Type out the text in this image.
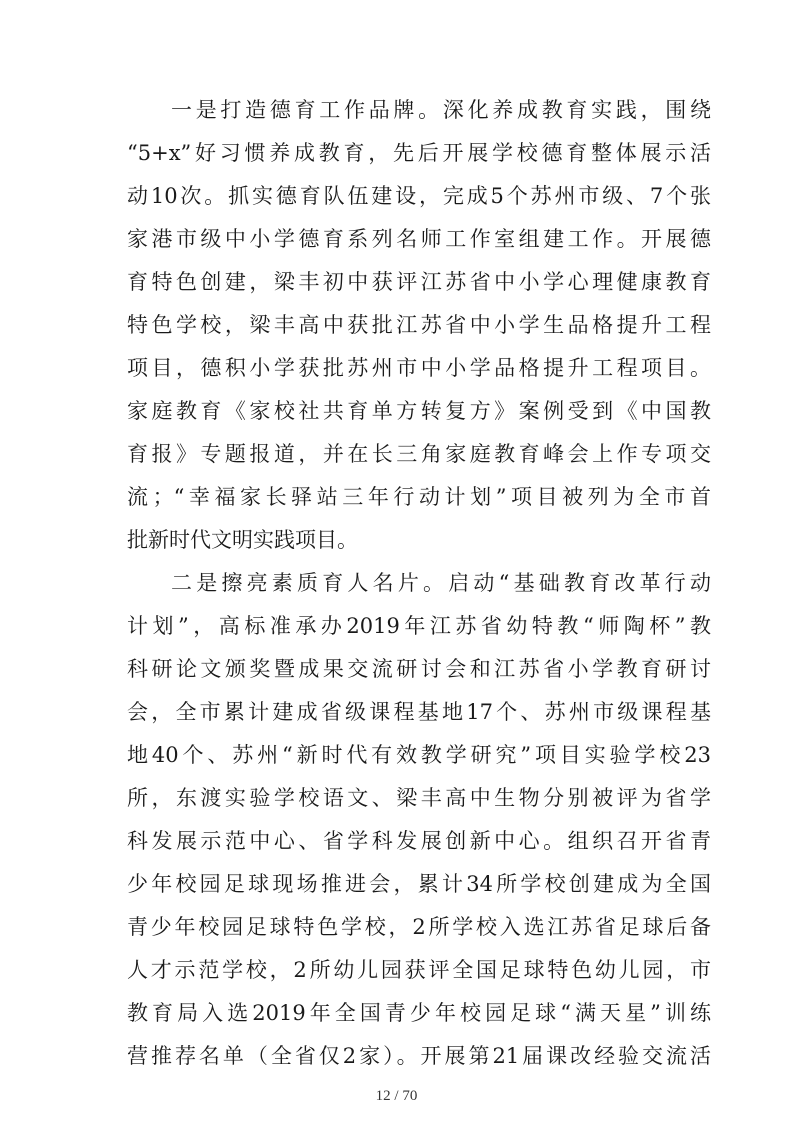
一是打造德育工作品牌。深化养成教育实践，围绕
“5+x”好习惯养成教育，先后开展学校德育整体展示活
动10次。抓实德育队伍建设，完成5个苏州市级、7个张
家港市级中小学德育系列名师工作室组建工作。开展德
育特色创建，梁丰初中获评江苏省中小学心理健康教育
特色学校，梁丰高中获批江苏省中小学生品格提升工程
项目，德积小学获批苏州市中小学品格提升工程项目。
家庭教育《家校社共育单方转复方》案例受到《中国教
育报》专题报道，并在长三角家庭教育峰会上作专项交
流；“幸福家长驿站三年行动计划”项目被列为全市首
批新时代文明实践项目。
二是擦亮素质育人名片。启动“基础教育改革行动
计划”，高标准承办2019年江苏省幼特教“师陶杯”教
科研论文颁奖暨成果交流研讨会和江苏省小学教育研讨
会，全市累计建成省级课程基地17个、苏州市级课程基
地40个、苏州“新时代有效教学研究”项目实验学校23
所，东渡实验学校语文、梁丰高中生物分别被评为省学
科发展示范中心、省学科发展创新中心。组织召开省青
少年校园足球现场推进会，累计34所学校创建成为全国
青少年校园足球特色学校，2所学校入选江苏省足球后备
人才示范学校，2所幼儿园获评全国足球特色幼儿园，市
教育局入选2019年全国青少年校园足球“满天星”训练
营推荐名单（全省仅2家）。开展第21届课改经验交流活
12 / 70
